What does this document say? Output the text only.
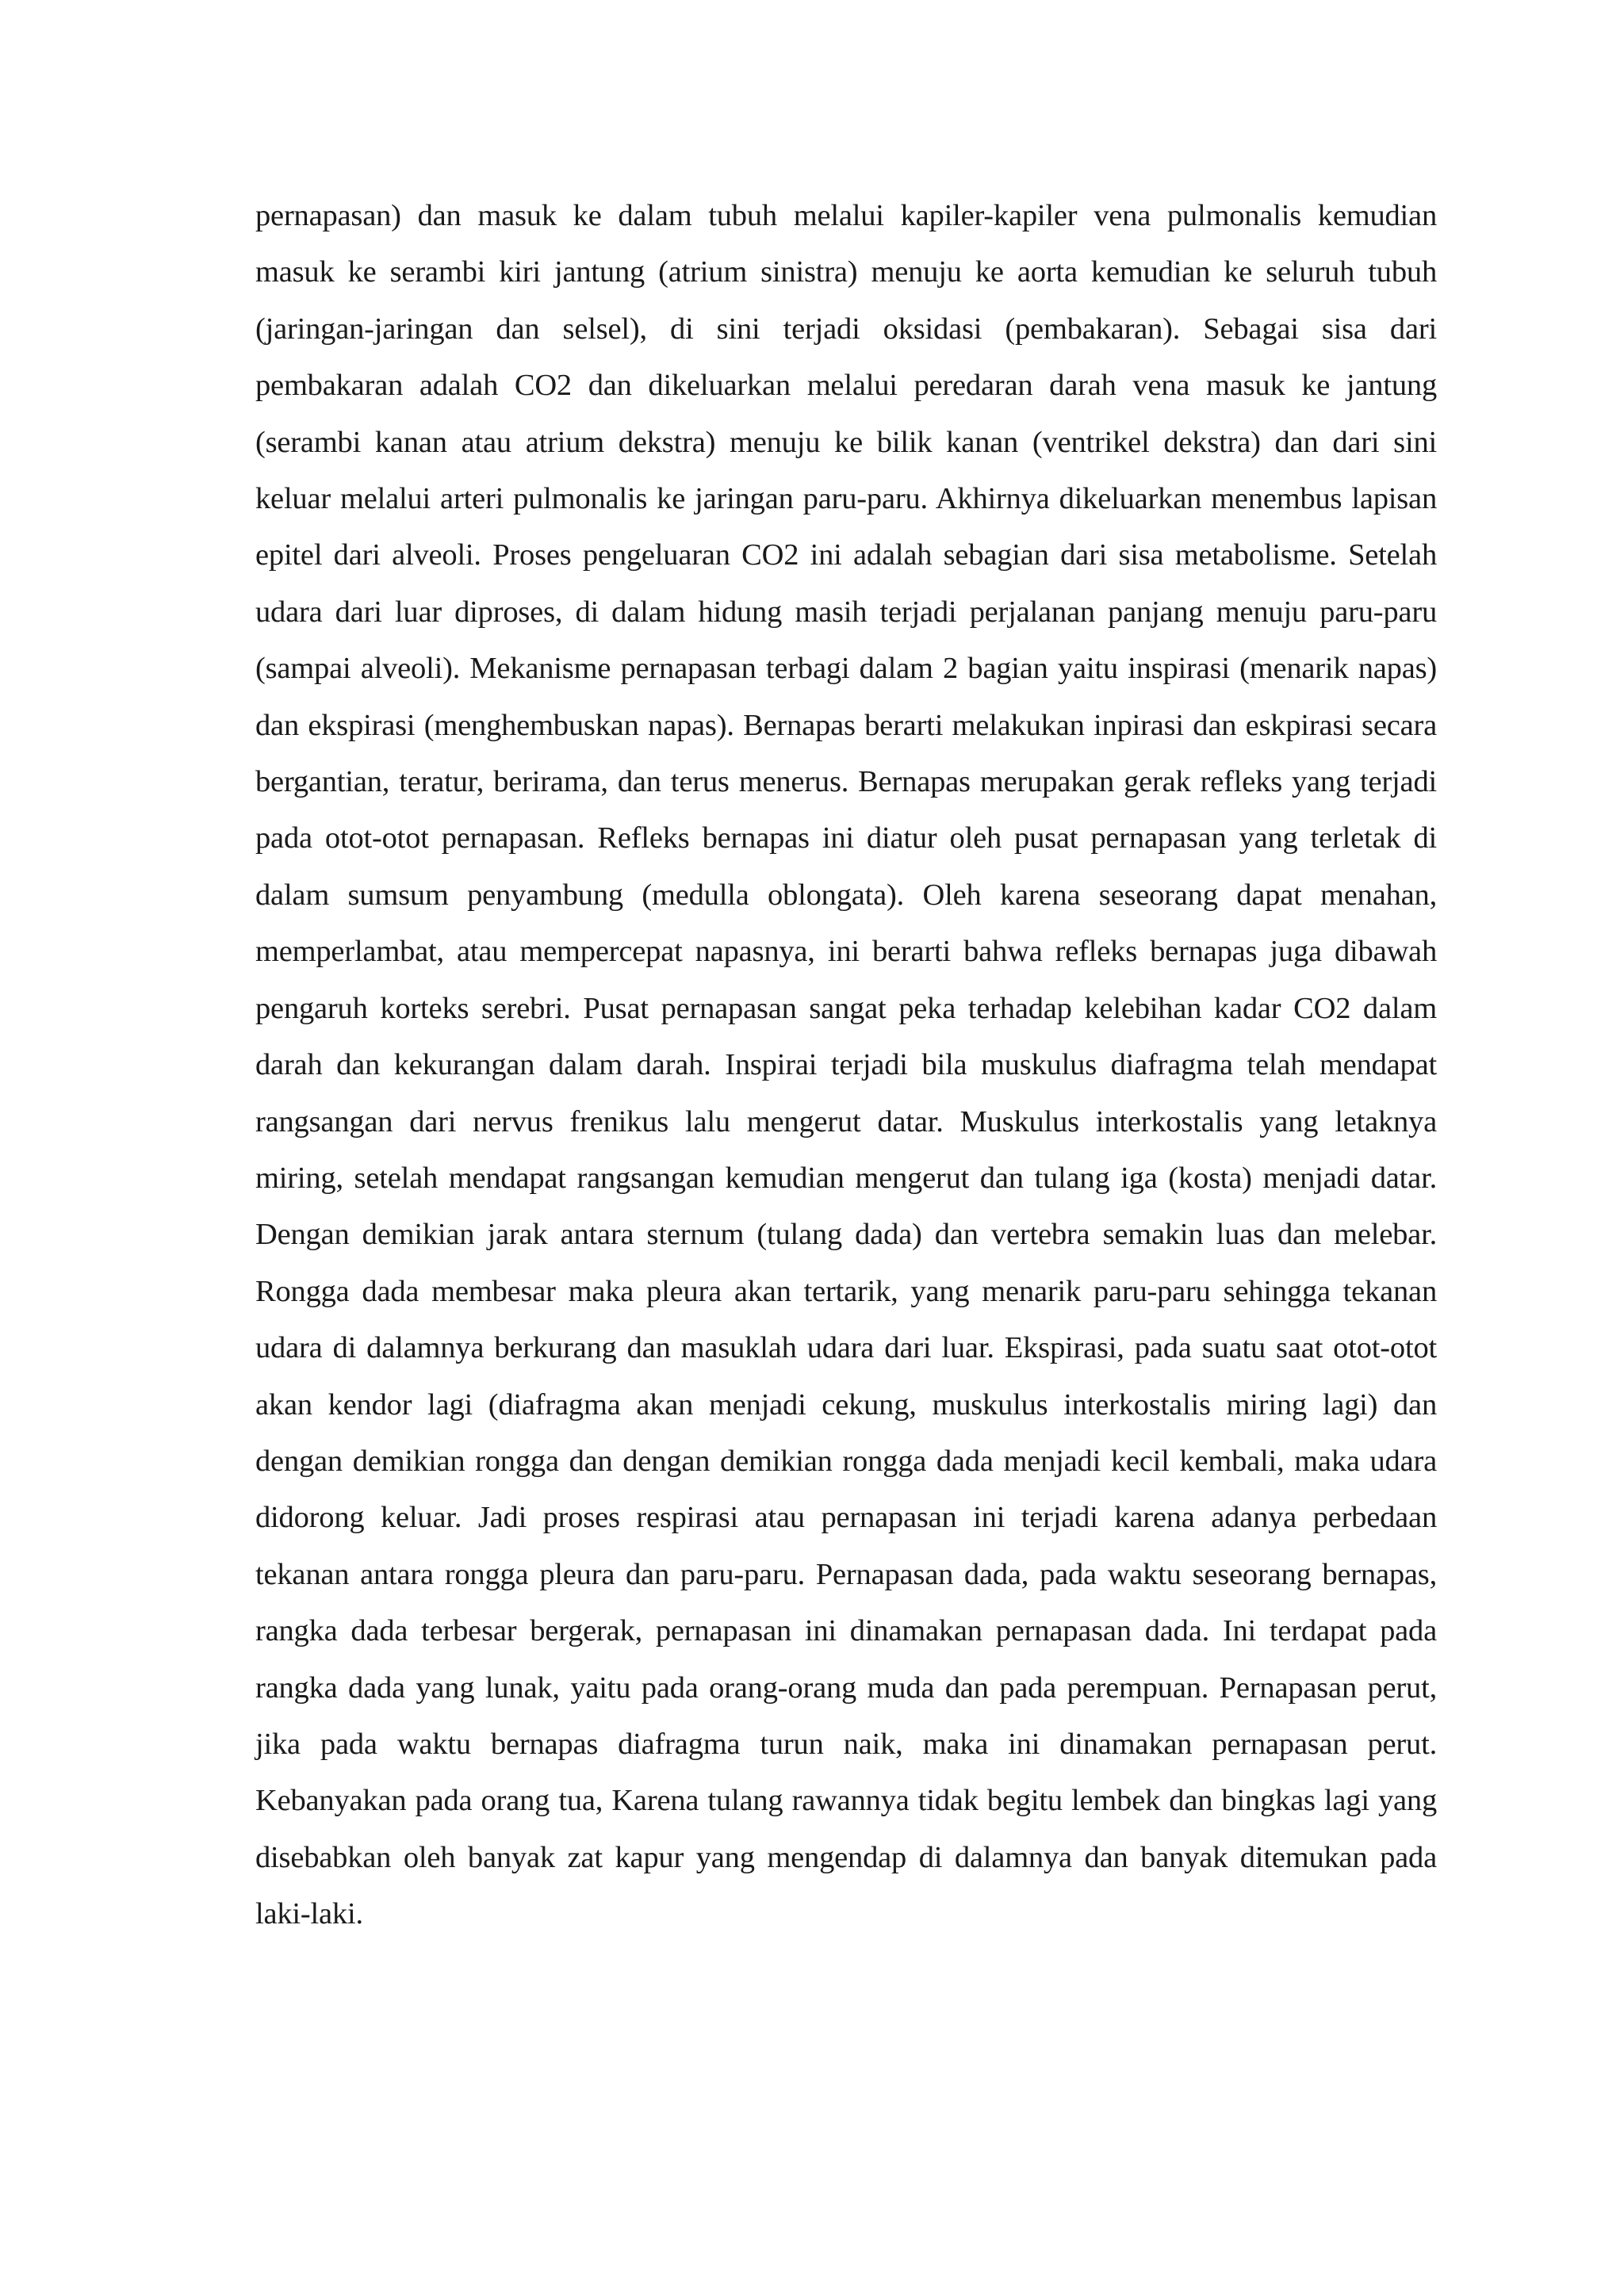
pernapasan) dan masuk ke dalam tubuh melalui kapiler-kapiler vena pulmonalis kemudian masuk ke serambi kiri jantung (atrium sinistra) menuju ke aorta kemudian ke seluruh tubuh (jaringan-jaringan dan selsel), di sini terjadi oksidasi (pembakaran). Sebagai sisa dari pembakaran adalah CO2 dan dikeluarkan melalui peredaran darah vena masuk ke jantung (serambi kanan atau atrium dekstra) menuju ke bilik kanan (ventrikel dekstra) dan dari sini keluar melalui arteri pulmonalis ke jaringan paru-paru. Akhirnya dikeluarkan menembus lapisan epitel dari alveoli. Proses pengeluaran CO2 ini adalah sebagian dari sisa metabolisme. Setelah udara dari luar diproses, di dalam hidung masih terjadi perjalanan panjang menuju paru-paru (sampai alveoli). Mekanisme pernapasan terbagi dalam 2 bagian yaitu inspirasi (menarik napas) dan ekspirasi (menghembuskan napas). Bernapas berarti melakukan inpirasi dan eskpirasi secara bergantian, teratur, berirama, dan terus menerus. Bernapas merupakan gerak refleks yang terjadi pada otot-otot pernapasan. Refleks bernapas ini diatur oleh pusat pernapasan yang terletak di dalam sumsum penyambung (medulla oblongata). Oleh karena seseorang dapat menahan, memperlambat, atau mempercepat napasnya, ini berarti bahwa refleks bernapas juga dibawah pengaruh korteks serebri. Pusat pernapasan sangat peka terhadap kelebihan kadar CO2 dalam darah dan kekurangan dalam darah. Inspirai terjadi bila muskulus diafragma telah mendapat rangsangan dari nervus frenikus lalu mengerut datar. Muskulus interkostalis yang letaknya miring, setelah mendapat rangsangan kemudian mengerut dan tulang iga (kosta) menjadi datar. Dengan demikian jarak antara sternum (tulang dada) dan vertebra semakin luas dan melebar. Rongga dada membesar maka pleura akan tertarik, yang menarik paru-paru sehingga tekanan udara di dalamnya berkurang dan masuklah udara dari luar. Ekspirasi, pada suatu saat otot-otot akan kendor lagi (diafragma akan menjadi cekung, muskulus interkostalis miring lagi) dan dengan demikian rongga dan dengan demikian rongga dada menjadi kecil kembali, maka udara didorong keluar. Jadi proses respirasi atau pernapasan ini terjadi karena adanya perbedaan tekanan antara rongga pleura dan paru-paru. Pernapasan dada, pada waktu seseorang bernapas, rangka dada terbesar bergerak, pernapasan ini dinamakan pernapasan dada. Ini terdapat pada rangka dada yang lunak, yaitu pada orang-orang muda dan pada perempuan. Pernapasan perut, jika pada waktu bernapas diafragma turun naik, maka ini dinamakan pernapasan perut. Kebanyakan pada orang tua, Karena tulang rawannya tidak begitu lembek dan bingkas lagi yang disebabkan oleh banyak zat kapur yang mengendap di dalamnya dan banyak ditemukan pada laki-laki.
